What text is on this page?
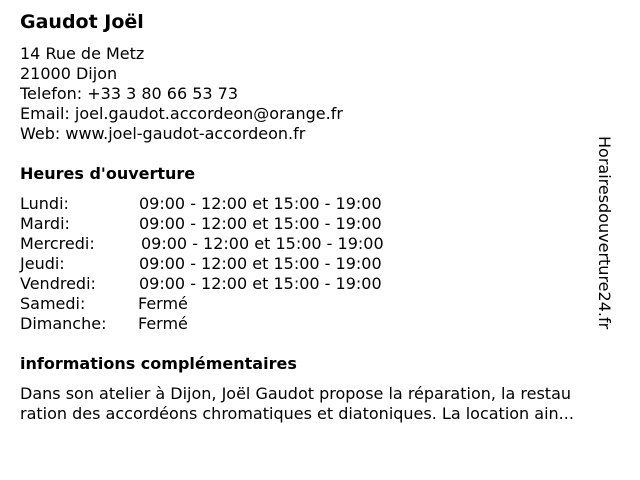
Gaudot Joël
14 Rue de Metz
21000 Dijon
Telefon: +33 3 80 66 53 73
Email: joel.gaudot.accordeon@orange.fr
Web: www.joel-gaudot-accordeon.fr
Heures d'ouverture
Lundi:	09:00 - 12:00 et 15:00 - 19:00
Mardi:	09:00 - 12:00 et 15:00 - 19:00
Mercredi:	09:00 - 12:00 et 15:00 - 19:00
Jeudi:	09:00 - 12:00 et 15:00 - 19:00
Vendredi:	09:00 - 12:00 et 15:00 - 19:00
Samedi:	Fermé
Dimanche: Fermé
informations complémentaires
Dans son atelier à Dijon, Joël Gaudot propose la réparation, la restau
ration des accordéons chromatiques et diatoniques. La location ain...
Horairesdouverture24.fr
